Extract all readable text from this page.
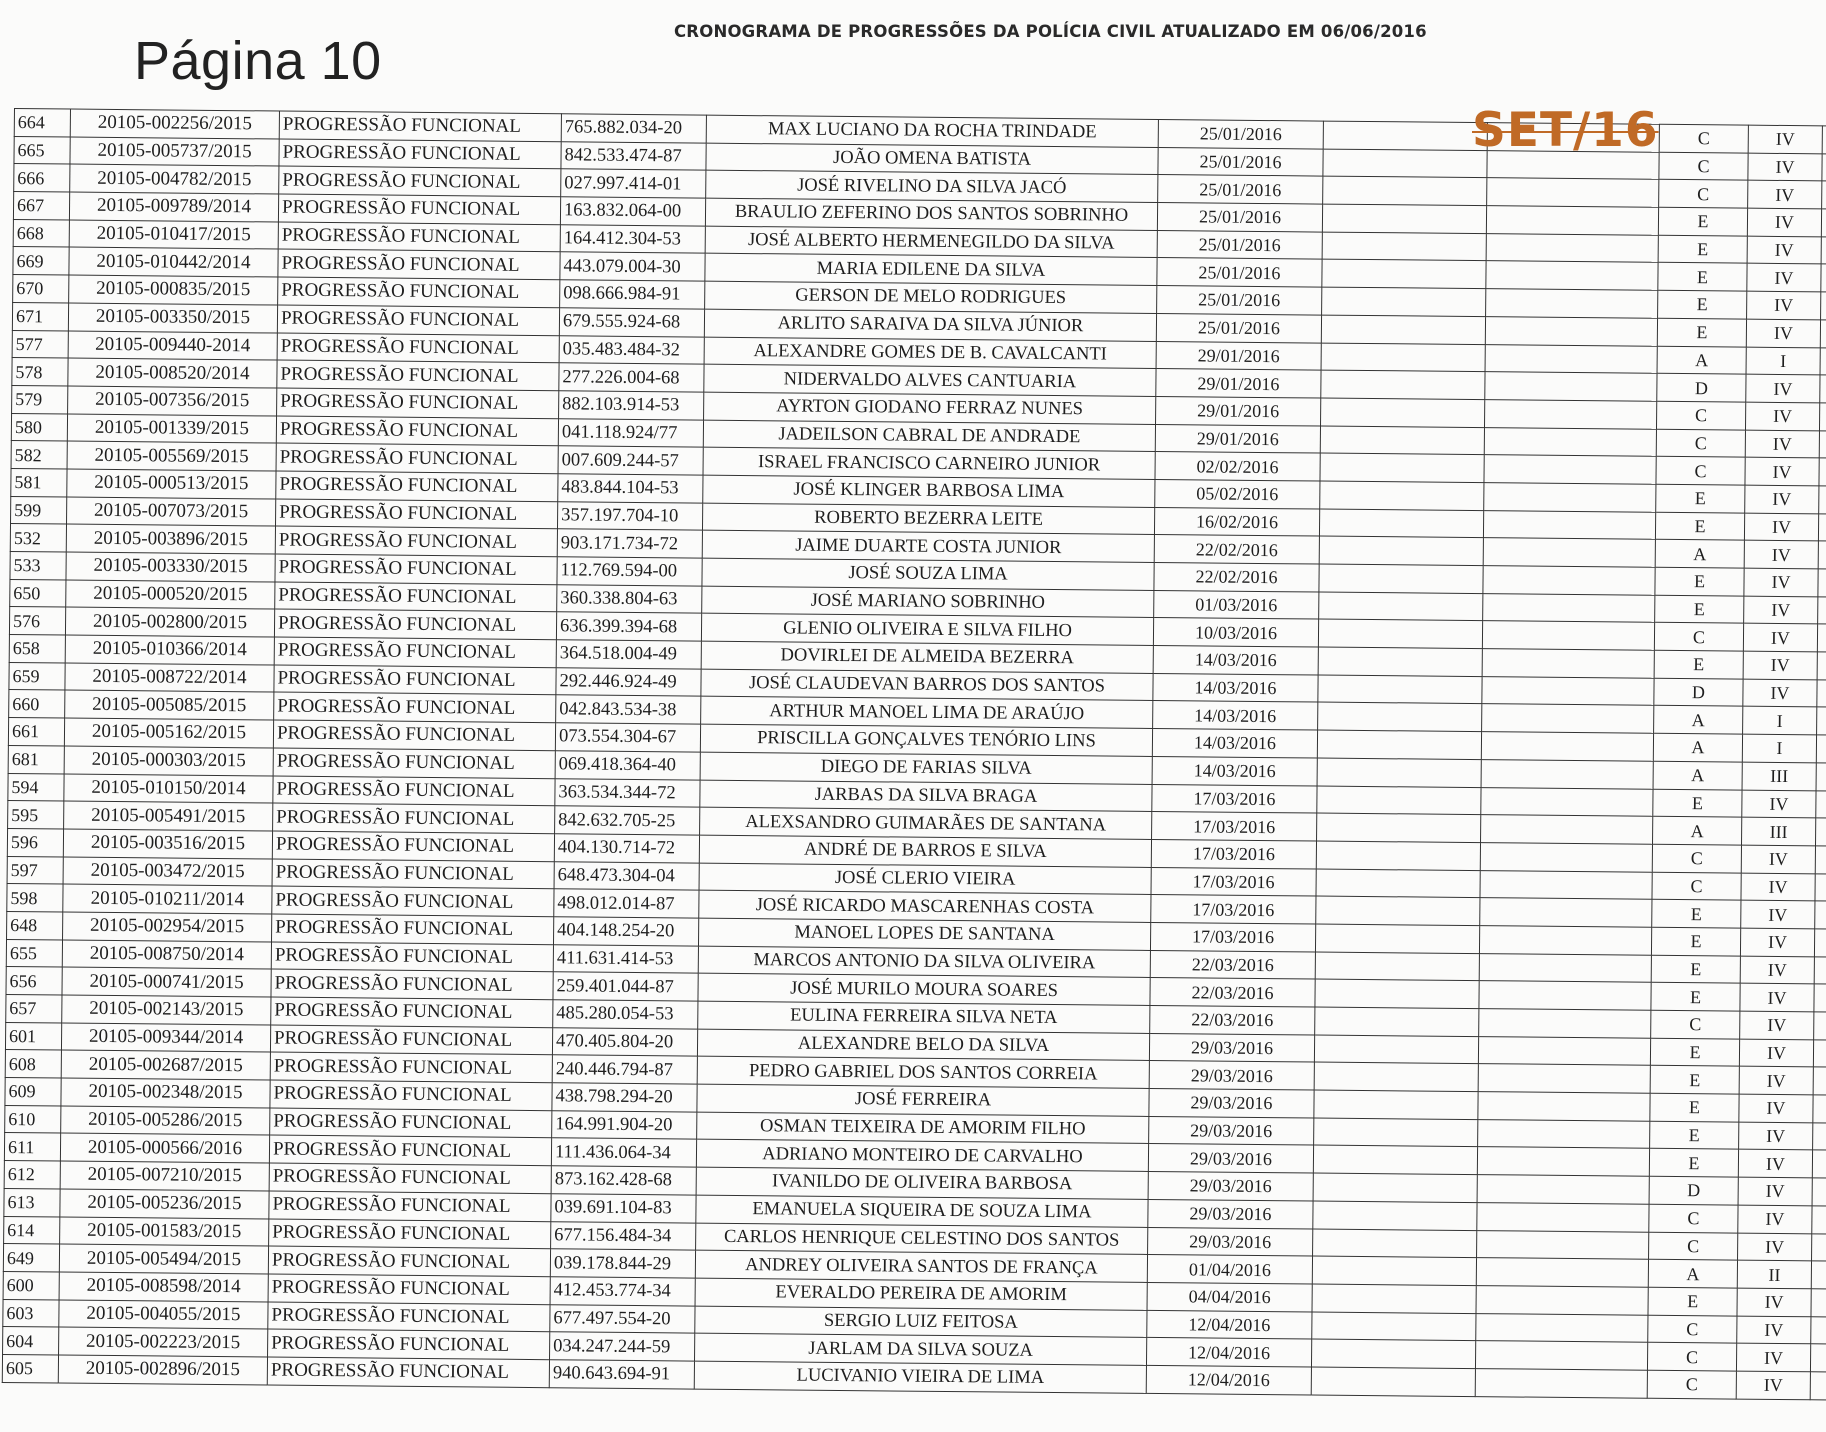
Página 10	CRONOGRAMA DE PROGRESSÕES DA POLÍCIA CIVIL ATUALIZADO EM 06/06/2016
664	20105-002256/2015	PROGRESSÃO FUNCIONAL	765.882.034-20	MAX LUCIANO DA ROCHA TRINDADE	25/01/2016			C	IV	
665	20105-005737/2015	PROGRESSÃO FUNCIONAL	842.533.474-87	JOÃO OMENA BATISTA	25/01/2016			C	IV	
666	20105-004782/2015	PROGRESSÃO FUNCIONAL	027.997.414-01	JOSÉ RIVELINO DA SILVA JACÓ	25/01/2016			C	IV	
667	20105-009789/2014	PROGRESSÃO FUNCIONAL	163.832.064-00	BRAULIO ZEFERINO DOS SANTOS SOBRINHO	25/01/2016			E	IV	
668	20105-010417/2015	PROGRESSÃO FUNCIONAL	164.412.304-53	JOSÉ ALBERTO HERMENEGILDO DA SILVA	25/01/2016			E	IV	
669	20105-010442/2014	PROGRESSÃO FUNCIONAL	443.079.004-30	MARIA EDILENE DA SILVA	25/01/2016			E	IV	
670	20105-000835/2015	PROGRESSÃO FUNCIONAL	098.666.984-91	GERSON DE MELO RODRIGUES	25/01/2016			E	IV	
671	20105-003350/2015	PROGRESSÃO FUNCIONAL	679.555.924-68	ARLITO SARAIVA DA SILVA JÚNIOR	25/01/2016			E	IV	
577	20105-009440-2014	PROGRESSÃO FUNCIONAL	035.483.484-32	ALEXANDRE GOMES DE B. CAVALCANTI	29/01/2016			A	I	
578	20105-008520/2014	PROGRESSÃO FUNCIONAL	277.226.004-68	NIDERVALDO ALVES CANTUARIA	29/01/2016			D	IV	
579	20105-007356/2015	PROGRESSÃO FUNCIONAL	882.103.914-53	AYRTON GIODANO FERRAZ NUNES	29/01/2016			C	IV	
580	20105-001339/2015	PROGRESSÃO FUNCIONAL	041.118.924/77	JADEILSON CABRAL DE ANDRADE	29/01/2016			C	IV	
582	20105-005569/2015	PROGRESSÃO FUNCIONAL	007.609.244-57	ISRAEL FRANCISCO CARNEIRO JUNIOR	02/02/2016			C	IV	
581	20105-000513/2015	PROGRESSÃO FUNCIONAL	483.844.104-53	JOSÉ KLINGER BARBOSA LIMA	05/02/2016			E	IV	
599	20105-007073/2015	PROGRESSÃO FUNCIONAL	357.197.704-10	ROBERTO BEZERRA LEITE	16/02/2016			E	IV	
532	20105-003896/2015	PROGRESSÃO FUNCIONAL	903.171.734-72	JAIME DUARTE COSTA JUNIOR	22/02/2016			A	IV	
533	20105-003330/2015	PROGRESSÃO FUNCIONAL	112.769.594-00	JOSÉ SOUZA LIMA	22/02/2016			E	IV	
650	20105-000520/2015	PROGRESSÃO FUNCIONAL	360.338.804-63	JOSÉ MARIANO SOBRINHO	01/03/2016			E	IV	
576	20105-002800/2015	PROGRESSÃO FUNCIONAL	636.399.394-68	GLENIO OLIVEIRA E SILVA FILHO	10/03/2016			C	IV	
658	20105-010366/2014	PROGRESSÃO FUNCIONAL	364.518.004-49	DOVIRLEI DE ALMEIDA BEZERRA	14/03/2016			E	IV	
659	20105-008722/2014	PROGRESSÃO FUNCIONAL	292.446.924-49	JOSÉ CLAUDEVAN BARROS DOS SANTOS	14/03/2016			D	IV	
660	20105-005085/2015	PROGRESSÃO FUNCIONAL	042.843.534-38	ARTHUR MANOEL LIMA DE ARAÚJO	14/03/2016			A	I	
661	20105-005162/2015	PROGRESSÃO FUNCIONAL	073.554.304-67	PRISCILLA GONÇALVES TENÓRIO LINS	14/03/2016			A	I	
681	20105-000303/2015	PROGRESSÃO FUNCIONAL	069.418.364-40	DIEGO DE FARIAS SILVA	14/03/2016			A	III	
594	20105-010150/2014	PROGRESSÃO FUNCIONAL	363.534.344-72	JARBAS DA SILVA BRAGA	17/03/2016			E	IV	
595	20105-005491/2015	PROGRESSÃO FUNCIONAL	842.632.705-25	ALEXSANDRO GUIMARÃES DE SANTANA	17/03/2016			A	III	
596	20105-003516/2015	PROGRESSÃO FUNCIONAL	404.130.714-72	ANDRÉ DE BARROS E SILVA	17/03/2016			C	IV	
597	20105-003472/2015	PROGRESSÃO FUNCIONAL	648.473.304-04	JOSÉ CLERIO VIEIRA	17/03/2016			C	IV	
598	20105-010211/2014	PROGRESSÃO FUNCIONAL	498.012.014-87	JOSÉ RICARDO MASCARENHAS COSTA	17/03/2016			E	IV	
648	20105-002954/2015	PROGRESSÃO FUNCIONAL	404.148.254-20	MANOEL LOPES DE SANTANA	17/03/2016			E	IV	
655	20105-008750/2014	PROGRESSÃO FUNCIONAL	411.631.414-53	MARCOS ANTONIO DA SILVA OLIVEIRA	22/03/2016			E	IV	
656	20105-000741/2015	PROGRESSÃO FUNCIONAL	259.401.044-87	JOSÉ MURILO MOURA SOARES	22/03/2016			E	IV	
657	20105-002143/2015	PROGRESSÃO FUNCIONAL	485.280.054-53	EULINA FERREIRA SILVA NETA	22/03/2016			C	IV	
601	20105-009344/2014	PROGRESSÃO FUNCIONAL	470.405.804-20	ALEXANDRE BELO DA SILVA	29/03/2016			E	IV	
608	20105-002687/2015	PROGRESSÃO FUNCIONAL	240.446.794-87	PEDRO GABRIEL DOS SANTOS CORREIA	29/03/2016			E	IV	
609	20105-002348/2015	PROGRESSÃO FUNCIONAL	438.798.294-20	JOSÉ FERREIRA	29/03/2016			E	IV	
610	20105-005286/2015	PROGRESSÃO FUNCIONAL	164.991.904-20	OSMAN TEIXEIRA DE AMORIM FILHO	29/03/2016			E	IV	
611	20105-000566/2016	PROGRESSÃO FUNCIONAL	111.436.064-34	ADRIANO MONTEIRO DE CARVALHO	29/03/2016			E	IV	
612	20105-007210/2015	PROGRESSÃO FUNCIONAL	873.162.428-68	IVANILDO DE OLIVEIRA BARBOSA	29/03/2016			D	IV	
613	20105-005236/2015	PROGRESSÃO FUNCIONAL	039.691.104-83	EMANUELA SIQUEIRA DE SOUZA LIMA	29/03/2016			C	IV	
614	20105-001583/2015	PROGRESSÃO FUNCIONAL	677.156.484-34	CARLOS HENRIQUE CELESTINO DOS SANTOS	29/03/2016			C	IV	
649	20105-005494/2015	PROGRESSÃO FUNCIONAL	039.178.844-29	ANDREY OLIVEIRA SANTOS DE FRANÇA	01/04/2016			A	II	
600	20105-008598/2014	PROGRESSÃO FUNCIONAL	412.453.774-34	EVERALDO PEREIRA DE AMORIM	04/04/2016			E	IV	
603	20105-004055/2015	PROGRESSÃO FUNCIONAL	677.497.554-20	SERGIO LUIZ FEITOSA	12/04/2016			C	IV	
604	20105-002223/2015	PROGRESSÃO FUNCIONAL	034.247.244-59	JARLAM DA SILVA SOUZA	12/04/2016			C	IV	
605	20105-002896/2015	PROGRESSÃO FUNCIONAL	940.643.694-91	LUCIVANIO VIEIRA DE LIMA	12/04/2016			C	IV	
SET/16
